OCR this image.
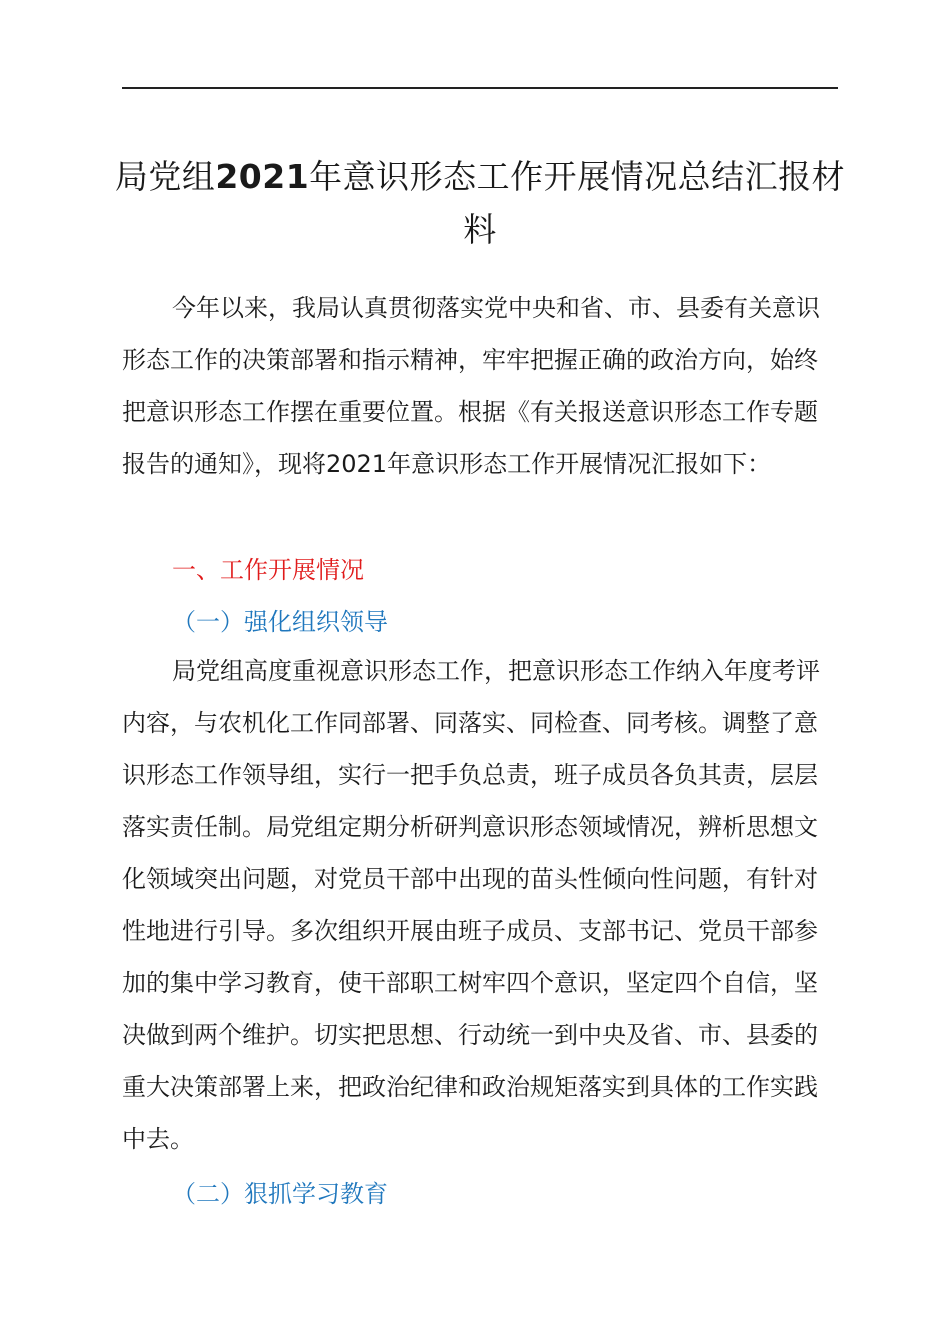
局党组2021年意识形态工作开展情况总结汇报材料
今年以来，我局认真贯彻落实党中央和省、市、县委有关意识形态工作的决策部署和指示精神，牢牢把握正确的政治方向，始终把意识形态工作摆在重要位置。根据《有关报送意识形态工作专题报告的通知》，现将2021年意识形态工作开展情况汇报如下：
一、工作开展情况
（一）强化组织领导
局党组高度重视意识形态工作，把意识形态工作纳入年度考评内容，与农机化工作同部署、同落实、同检查、同考核。调整了意识形态工作领导组，实行一把手负总责，班子成员各负其责，层层落实责任制。局党组定期分析研判意识形态领域情况，辨析思想文化领域突出问题，对党员干部中出现的苗头性倾向性问题，有针对性地进行引导。多次组织开展由班子成员、支部书记、党员干部参加的集中学习教育，使干部职工树牢四个意识，坚定四个自信，坚决做到两个维护。切实把思想、行动统一到中央及省、市、县委的重大决策部署上来，把政治纪律和政治规矩落实到具体的工作实践中去。
（二）狠抓学习教育
